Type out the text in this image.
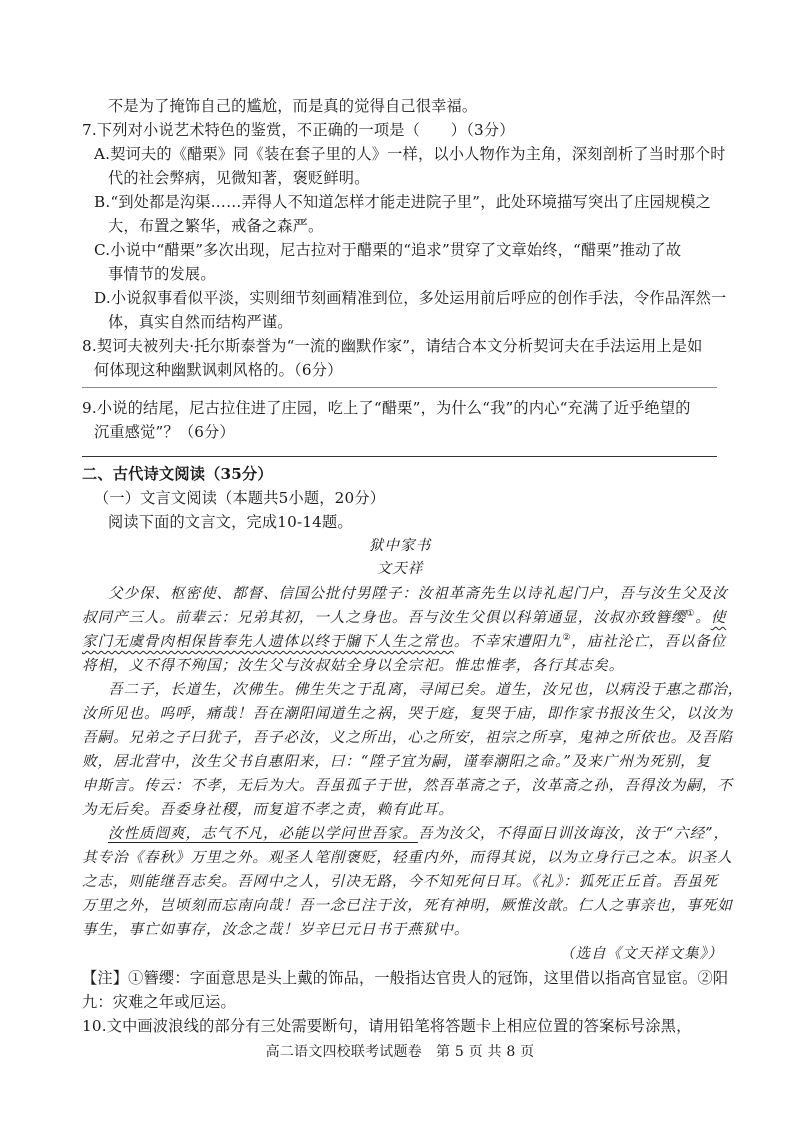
不是为了掩饰自己的尴尬，而是真的觉得自己很幸福。
7.下列对小说艺术特色的鉴赏，不正确的一项是（　　）（3分）
A.契诃夫的《醋栗》同《装在套子里的人》一样，以小人物作为主角，深刻剖析了当时那个时
代的社会弊病，见微知著，褒贬鲜明。
B.“到处都是沟渠……弄得人不知道怎样才能走进院子里”，此处环境描写突出了庄园规模之
大，布置之繁华，戒备之森严。
C.小说中“醋栗”多次出现，尼古拉对于醋栗的“追求”贯穿了文章始终，“醋栗”推动了故
事情节的发展。
D.小说叙事看似平淡，实则细节刻画精准到位，多处运用前后呼应的创作手法，令作品浑然一
体，真实自然而结构严谨。
8.契诃夫被列夫·托尔斯泰誉为“一流的幽默作家”，请结合本文分析契诃夫在手法运用上是如
何体现这种幽默讽刺风格的。（6分）
9.小说的结尾，尼古拉住进了庄园，吃上了“醋栗”，为什么“我”的内心“充满了近乎绝望的
沉重感觉”？（6分）
二、古代诗文阅读（35分）
（一）文言文阅读（本题共5小题，20分）
阅读下面的文言文，完成10-14题。
狱中家书
文天祥
父少保、枢密使、都督、信国公批付男陞子：汝祖革斋先生以诗礼起门户，吾与汝生父及汝
叔同产三人。前辈云：兄弟其初，一人之身也。吾与汝生父俱以科第通显，汝叔亦致簪缨①。使
家门无虞骨肉相保皆奉先人遗体以终于牖下人生之常也。不幸宋遭阳九②，庙社沦亡，吾以备位
将相，义不得不殉国；汝生父与汝叔姑全身以全宗祀。惟忠惟孝，各行其志矣。
吾二子，长道生，次佛生。佛生失之于乱离，寻闻已矣。道生，汝兄也，以病没于惠之郡治，
汝所见也。呜呼，痛哉！吾在潮阳闻道生之祸，哭于庭，复哭于庙，即作家书报汝生父，以汝为
吾嗣。兄弟之子曰犹子，吾子必汝，义之所出，心之所安，祖宗之所享，鬼神之所依也。及吾陷
败，居北营中，汝生父书自惠阳来，曰：“陞子宜为嗣，谨奉潮阳之命。”及来广州为死别，复
申斯言。传云：不孝，无后为大。吾虽孤子于世，然吾革斋之子，汝革斋之孙，吾得汝为嗣，不
为无后矣。吾委身社稷，而复逭不孝之责，赖有此耳。
汝性质闿爽，志气不凡，必能以学问世吾家。吾为汝父，不得面日训汝诲汝，汝于“六经”，
其专治《春秋》万里之外。观圣人笔削褒贬，轻重内外，而得其说，以为立身行己之本。识圣人
之志，则能继吾志矣。吾网中之人，引决无路，今不知死何日耳。《礼》：狐死正丘首。吾虽死
万里之外，岂顷刻而忘南向哉！吾一念已注于汝，死有神明，厥惟汝歆。仁人之事亲也，事死如
事生，事亡如事存，汝念之哉！岁辛巳元日书于燕狱中。
（选自《文天祥文集》）
【注】①簪缨：字面意思是头上戴的饰品，一般指达官贵人的冠饰，这里借以指高官显宦。②阳
九：灾难之年或厄运。
10.文中画波浪线的部分有三处需要断句，请用铅笔将答题卡上相应位置的答案标号涂黑，
高二语文四校联考试题卷　第 5 页 共 8 页
